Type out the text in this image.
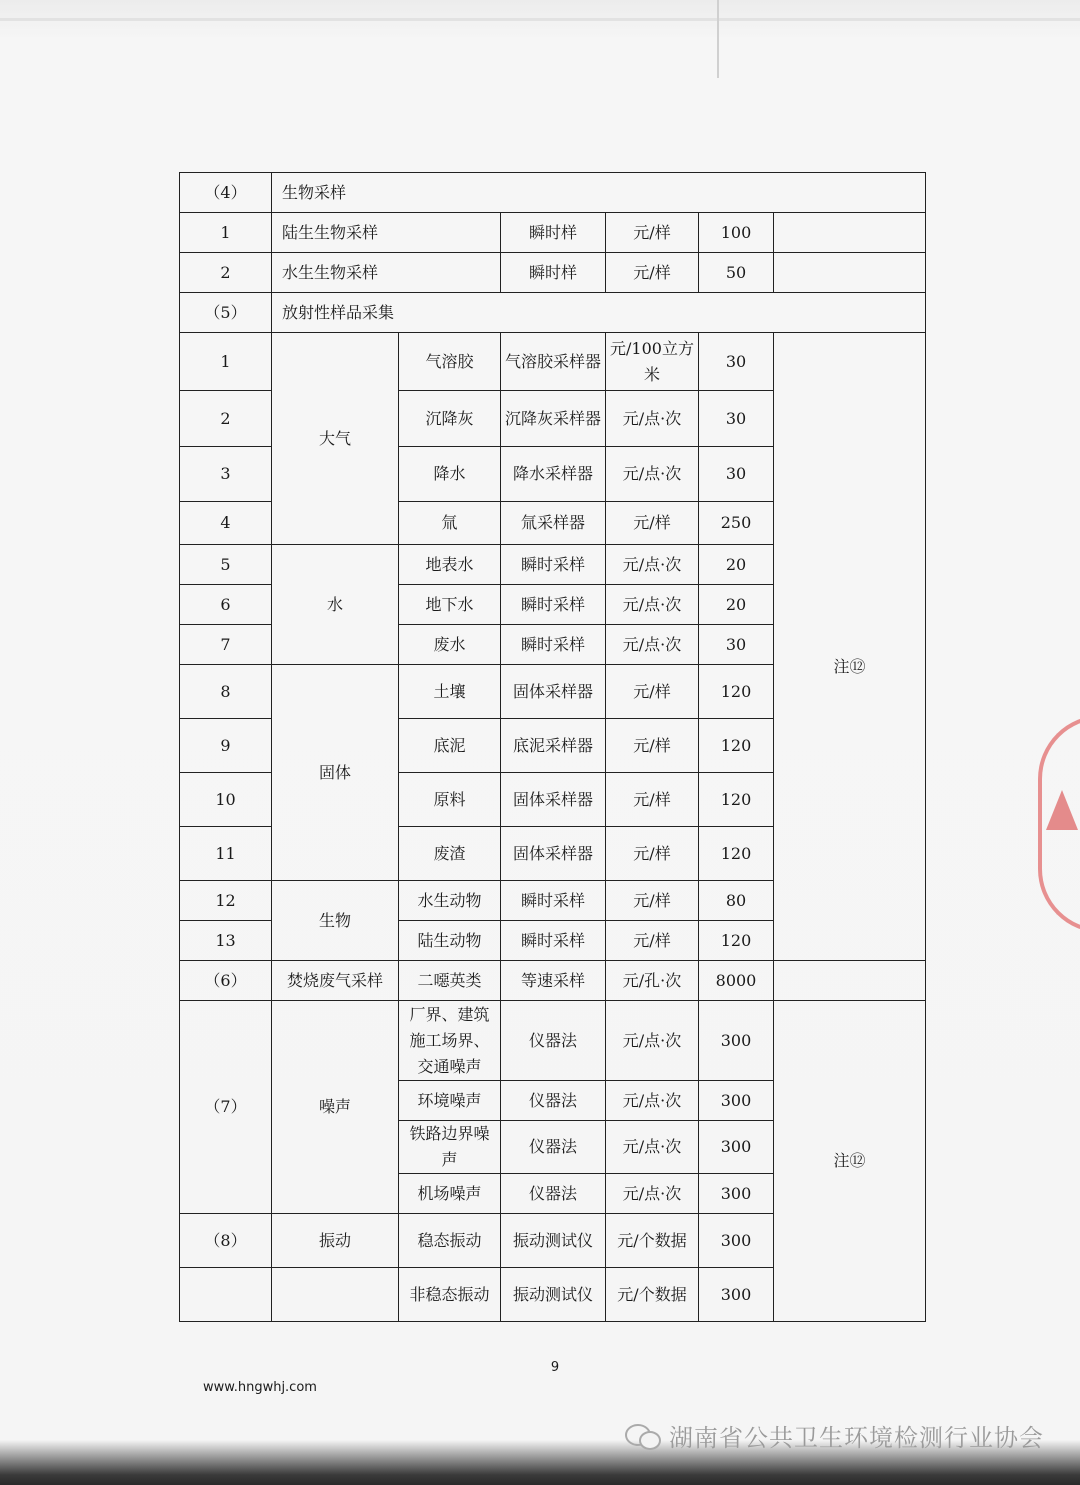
（4）	生物采样					
1	陆生生物采样		瞬时样	元/样	100	
2	水生生物采样		瞬时样	元/样	50	
（5）	放射性样品采集					
1	大气	气溶胶	气溶胶采样器	元/100立方米	30	注⑫
2		沉降灰	沉降灰采样器	元/点·次	30	
3		降水	降水采样器	元/点·次	30	
4		氚	氚采样器	元/样	250	
5	水	地表水	瞬时采样	元/点·次	20	
6		地下水	瞬时采样	元/点·次	20	
7		废水	瞬时采样	元/点·次	30	
8	固体	土壤	固体采样器	元/样	120	
9		底泥	底泥采样器	元/样	120	
10		原料	固体采样器	元/样	120	
11		废渣	固体采样器	元/样	120	
12	生物	水生动物	瞬时采样	元/样	80	
13		陆生动物	瞬时采样	元/样	120	
（6）	焚烧废气采样	二噁英类	等速采样	元/孔·次	8000	
（7）	噪声	厂界、建筑施工场界、交通噪声	仪器法	元/点·次	300	注⑫
		环境噪声	仪器法	元/点·次	300	
		铁路边界噪声	仪器法	元/点·次	300	
		机场噪声	仪器法	元/点·次	300	
（8）	振动	稳态振动	振动测试仪	元/个数据	300	
		非稳态振动	振动测试仪	元/个数据	300	
9
www.hngwhj.com
湖南省公共卫生环境检测行业协会
